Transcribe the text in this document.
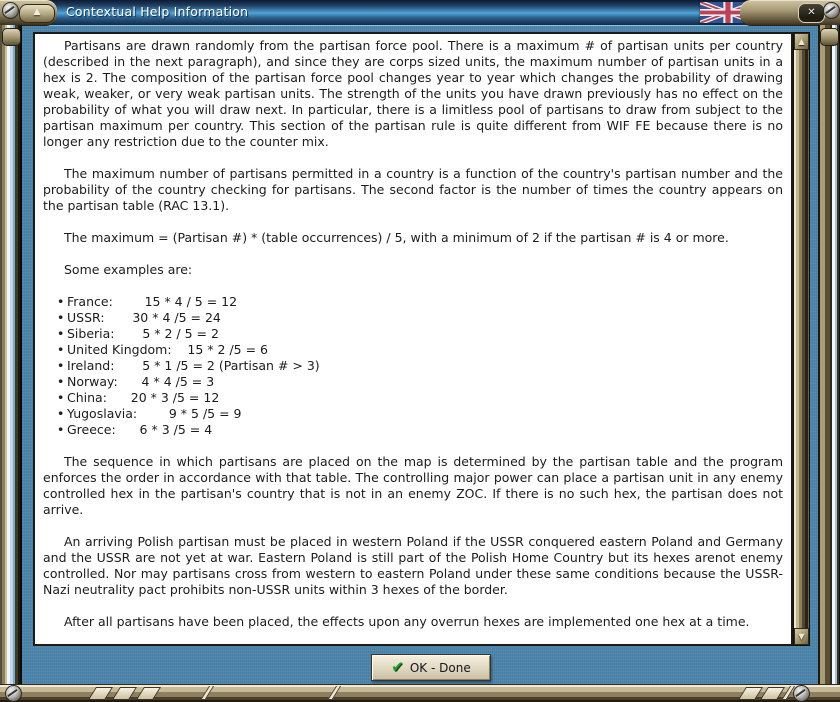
Contextual Help Information
▲	✕

Partisans are drawn randomly from the partisan force pool. There is a maximum # of partisan units per country (described in the next paragraph), and since they are corps sized units, the maximum number of partisan units in a hex is 2. The composition of the partisan force pool changes year to year which changes the probability of drawing weak, weaker, or very weak partisan units. The strength of the units you have drawn previously has no effect on the probability of what you will draw next. In particular, there is a limitless pool of partisans to draw from subject to the partisan maximum per country. This section of the partisan rule is quite different from WIF FE because there is no longer any restriction due to the counter mix.

The maximum number of partisans permitted in a country is a function of the country's partisan number and the probability of the country checking for partisans. The second factor is the number of times the country appears on the partisan table (RAC 13.1).

The maximum = (Partisan #) * (table occurrences) / 5, with a minimum of 2 if the partisan # is 4 or more.

Some examples are:

• France:        15 * 4 / 5 = 12
• USSR:       30 * 4 /5 = 24
• Siberia:       5 * 2 / 5 = 2
• United Kingdom:    15 * 2 /5 = 6
• Ireland:       5 * 1 /5 = 2 (Partisan # > 3)
• Norway:      4 * 4 /5 = 3
• China:      20 * 3 /5 = 12
• Yugoslavia:        9 * 5 /5 = 9
• Greece:      6 * 3 /5 = 4

The sequence in which partisans are placed on the map is determined by the partisan table and the program enforces the order in accordance with that table. The controlling major power can place a partisan unit in any enemy controlled hex in the partisan's country that is not in an enemy ZOC. If there is no such hex, the partisan does not arrive.

An arriving Polish partisan must be placed in western Poland if the USSR conquered eastern Poland and Germany and the USSR are not yet at war. Eastern Poland is still part of the Polish Home Country but its hexes arenot enemy controlled. Nor may partisans cross from western to eastern Poland under these same conditions because the USSR-Nazi neutrality pact prohibits non-USSR units within 3 hexes of the border.

After all partisans have been placed, the effects upon any overrun hexes are implemented one hex at a time.

▲
▼
✔ OK - Done
